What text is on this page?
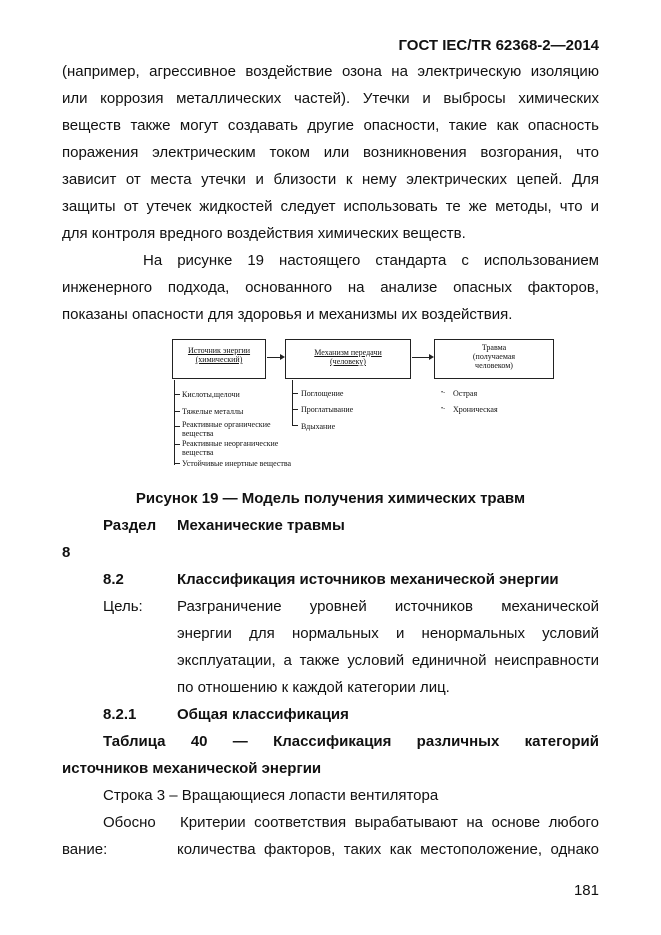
ГОСТ IEC/TR 62368-2—2014
(например, агрессивное воздействие озона на электрическую изоляцию
или коррозия металлических частей). Утечки и выбросы химических
веществ также могут создавать другие опасности, такие как опасность
поражения электрическим током или возникновения возгорания, что
зависит от места утечки и близости к нему электрических цепей. Для
защиты от утечек жидкостей следует использовать те же методы, что и
для контроля вредного воздействия химических веществ.
На рисунке 19 настоящего стандарта с использованием
инженерного подхода, основанного на анализе опасных факторов,
показаны опасности для здоровья и механизмы их воздействия.
Источник энергии
(химический)
Механизм передачи
(человеку)
Травма
(получаемая
человеком)
Кислоты,щелочи
Тяжелые металлы
Реактивные органические
вещества
Реактивные неорганические
вещества
Устойчивые инертные вещества
Поглощение
Проглатывание
Вдыхание
•- Острая
•- Хроническая
Рисунок 19 — Модель получения химических травм
Раздел Механические травмы
8
8.2	Классификация источников механической энергии
Цель: Разграничение уровней источников механической
энергии для нормальных и ненормальных условий
эксплуатации, а также условий единичной неисправности
по отношению к каждой категории лиц.
8.2.1	Общая классификация
Таблица 40 — Классификация различных категорий
источников механической энергии
Строка 3 – Вращающиеся лопасти вентилятора
Обосно Критерии соответствия вырабатывают на основе любого
вание:	количества факторов, таких как местоположение, однако
181
